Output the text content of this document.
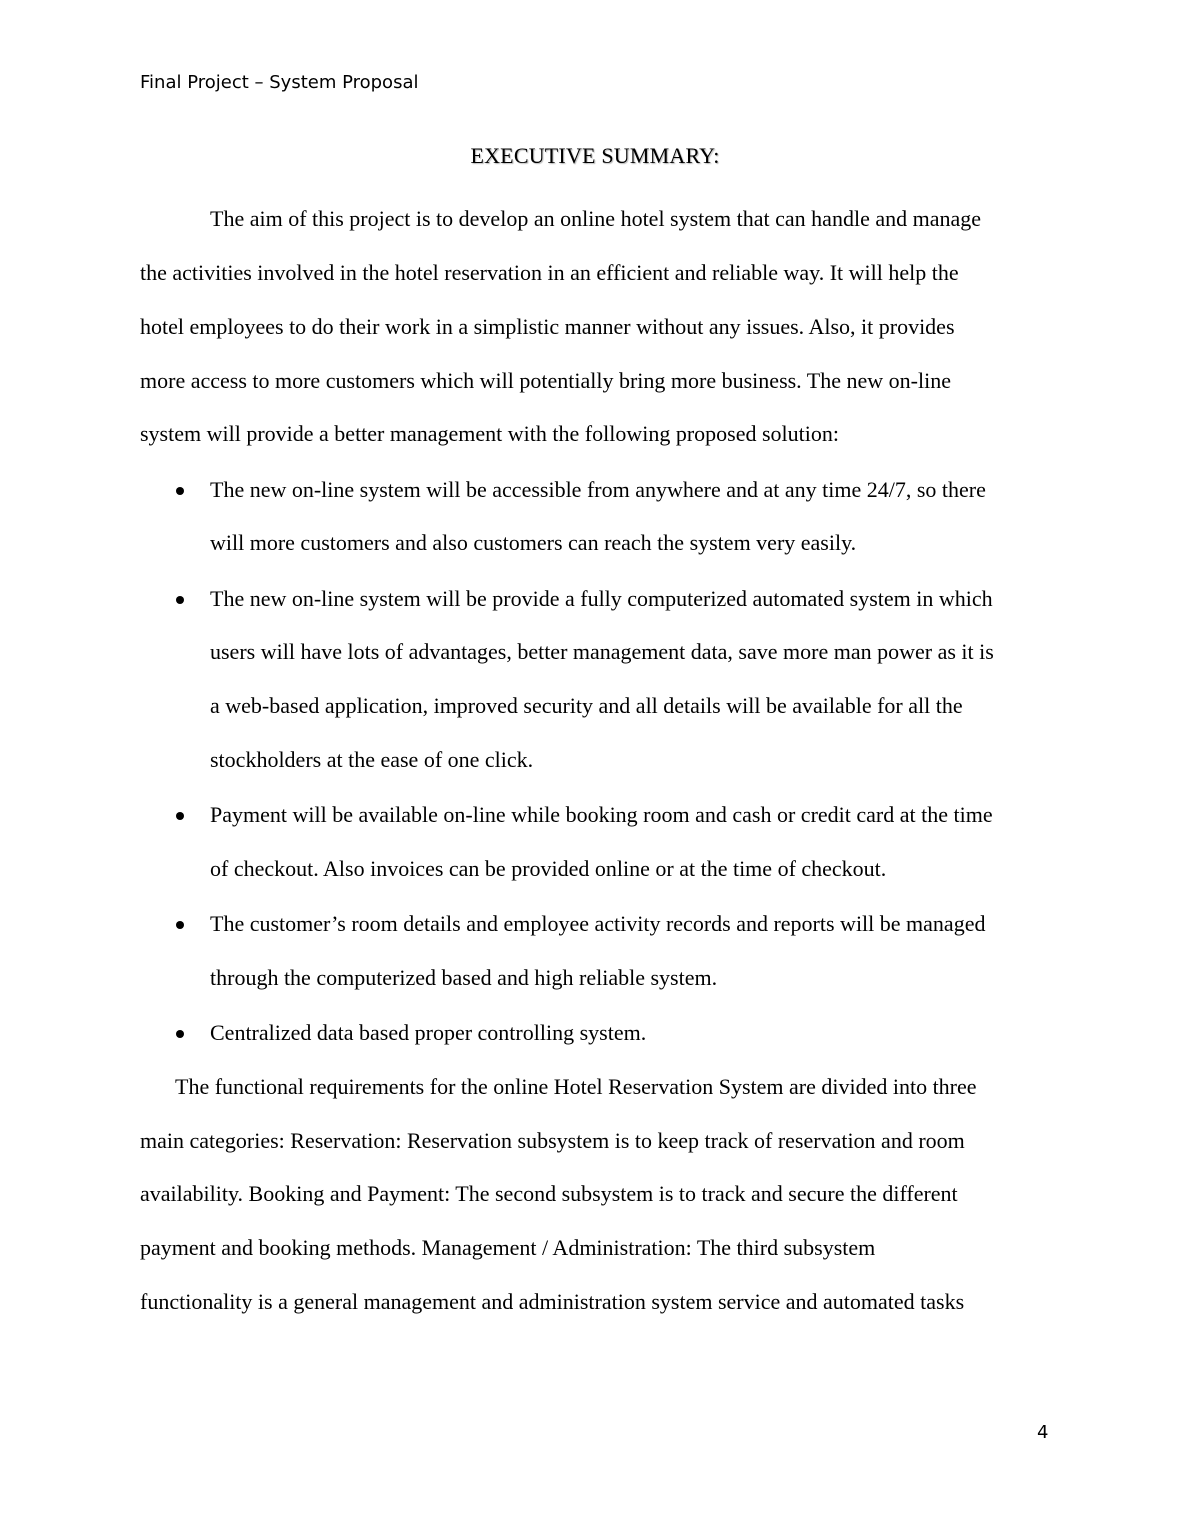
Final Project – System Proposal
EXECUTIVE SUMMARY:
The aim of this project is to develop an online hotel system that can handle and manage
the activities involved in the hotel reservation in an efficient and reliable way. It will help the
hotel employees to do their work in a simplistic manner without any issues. Also, it provides
more access to more customers which will potentially bring more business. The new on-line
system will provide a better management with the following proposed solution:
The new on-line system will be accessible from anywhere and at any time 24/7, so there
will more customers and also customers can reach the system very easily.
The new on-line system will be provide a fully computerized automated system in which
users will have lots of advantages, better management data, save more man power as it is
a web-based application, improved security and all details will be available for all the
stockholders at the ease of one click.
Payment will be available on-line while booking room and cash or credit card at the time
of checkout. Also invoices can be provided online or at the time of checkout.
The customer’s room details and employee activity records and reports will be managed
through the computerized based and high reliable system.
Centralized data based proper controlling system.
The functional requirements for the online Hotel Reservation System are divided into three
main categories: Reservation: Reservation subsystem is to keep track of reservation and room
availability. Booking and Payment: The second subsystem is to track and secure the different
payment and booking methods. Management / Administration: The third subsystem
functionality is a general management and administration system service and automated tasks
4
